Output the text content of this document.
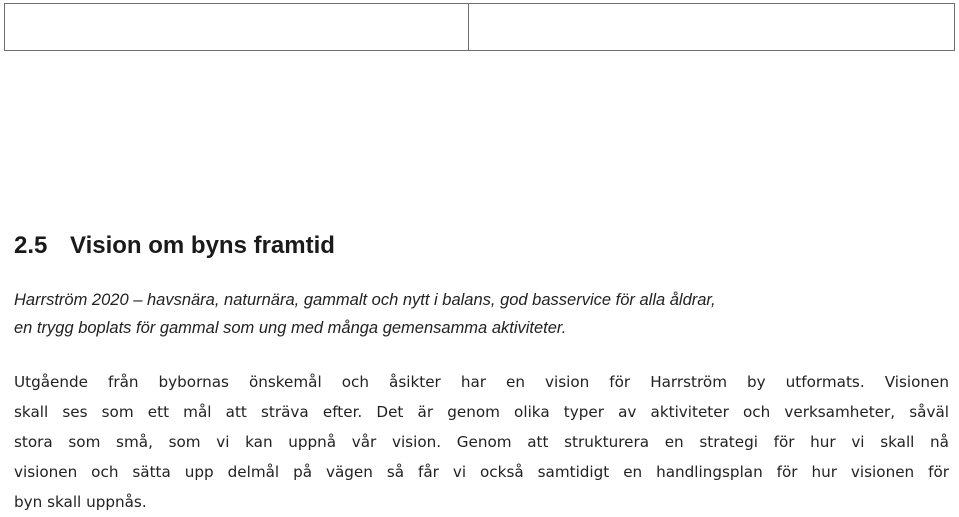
2.5 Vision om byns framtid

Harrström 2020 – havsnära, naturnära, gammalt och nytt i balans, god basservice för alla åldrar,
en trygg boplats för gammal som ung med många gemensamma aktiviteter.

Utgående från bybornas önskemål och åsikter har en vision för Harrström by utformats. Visionen
skall ses som ett mål att sträva efter. Det är genom olika typer av aktiviteter och verksamheter, såväl
stora som små, som vi kan uppnå vår vision. Genom att strukturera en strategi för hur vi skall nå
visionen och sätta upp delmål på vägen så får vi också samtidigt en handlingsplan för hur visionen för
byn skall uppnås.
